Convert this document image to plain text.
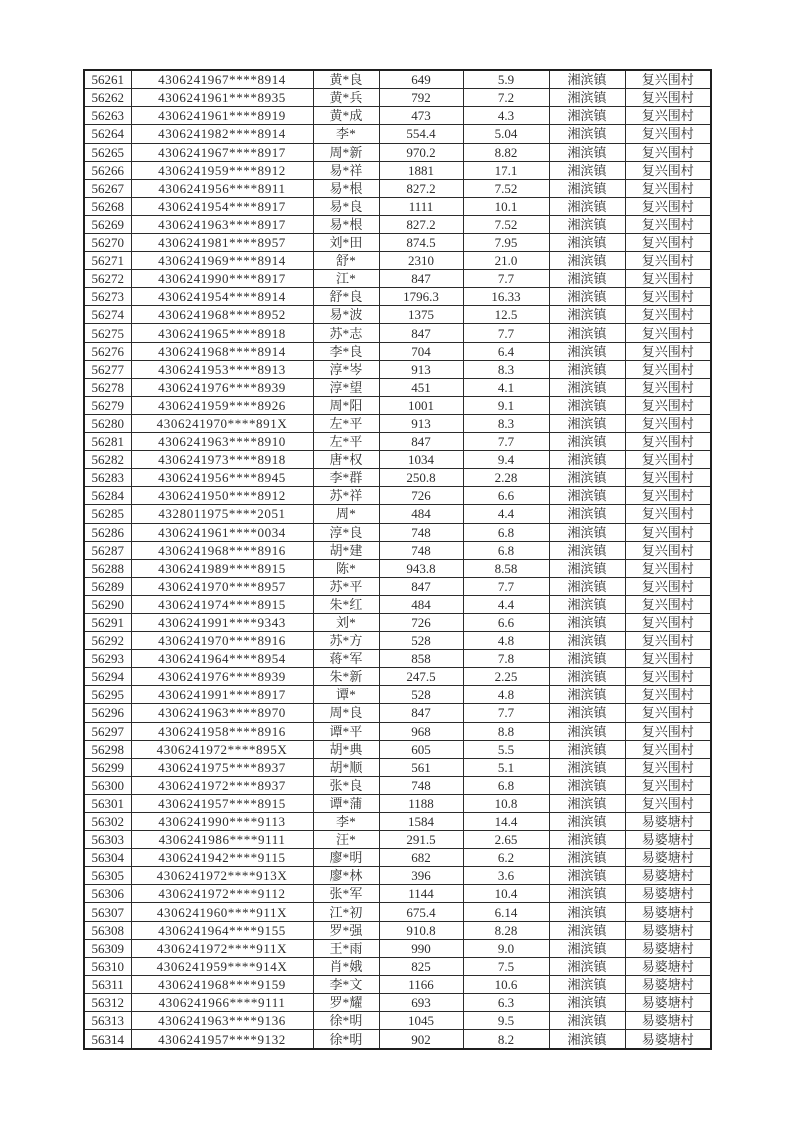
56261	4306241967****8914	黄*良	649	5.9	湘滨镇	复兴围村
56262	4306241961****8935	黄*兵	792	7.2	湘滨镇	复兴围村
56263	4306241961****8919	黄*成	473	4.3	湘滨镇	复兴围村
56264	4306241982****8914	李*	554.4	5.04	湘滨镇	复兴围村
56265	4306241967****8917	周*新	970.2	8.82	湘滨镇	复兴围村
56266	4306241959****8912	易*祥	1881	17.1	湘滨镇	复兴围村
56267	4306241956****8911	易*根	827.2	7.52	湘滨镇	复兴围村
56268	4306241954****8917	易*良	1111	10.1	湘滨镇	复兴围村
56269	4306241963****8917	易*根	827.2	7.52	湘滨镇	复兴围村
56270	4306241981****8957	刘*田	874.5	7.95	湘滨镇	复兴围村
56271	4306241969****8914	舒*	2310	21.0	湘滨镇	复兴围村
56272	4306241990****8917	江*	847	7.7	湘滨镇	复兴围村
56273	4306241954****8914	舒*良	1796.3	16.33	湘滨镇	复兴围村
56274	4306241968****8952	易*波	1375	12.5	湘滨镇	复兴围村
56275	4306241965****8918	苏*志	847	7.7	湘滨镇	复兴围村
56276	4306241968****8914	李*良	704	6.4	湘滨镇	复兴围村
56277	4306241953****8913	淳*岑	913	8.3	湘滨镇	复兴围村
56278	4306241976****8939	淳*望	451	4.1	湘滨镇	复兴围村
56279	4306241959****8926	周*阳	1001	9.1	湘滨镇	复兴围村
56280	4306241970****891X	左*平	913	8.3	湘滨镇	复兴围村
56281	4306241963****8910	左*平	847	7.7	湘滨镇	复兴围村
56282	4306241973****8918	唐*权	1034	9.4	湘滨镇	复兴围村
56283	4306241956****8945	李*群	250.8	2.28	湘滨镇	复兴围村
56284	4306241950****8912	苏*祥	726	6.6	湘滨镇	复兴围村
56285	4328011975****2051	周*	484	4.4	湘滨镇	复兴围村
56286	4306241961****0034	淳*良	748	6.8	湘滨镇	复兴围村
56287	4306241968****8916	胡*建	748	6.8	湘滨镇	复兴围村
56288	4306241989****8915	陈*	943.8	8.58	湘滨镇	复兴围村
56289	4306241970****8957	苏*平	847	7.7	湘滨镇	复兴围村
56290	4306241974****8915	朱*红	484	4.4	湘滨镇	复兴围村
56291	4306241991****9343	刘*	726	6.6	湘滨镇	复兴围村
56292	4306241970****8916	苏*方	528	4.8	湘滨镇	复兴围村
56293	4306241964****8954	蒋*军	858	7.8	湘滨镇	复兴围村
56294	4306241976****8939	朱*新	247.5	2.25	湘滨镇	复兴围村
56295	4306241991****8917	谭*	528	4.8	湘滨镇	复兴围村
56296	4306241963****8970	周*良	847	7.7	湘滨镇	复兴围村
56297	4306241958****8916	谭*平	968	8.8	湘滨镇	复兴围村
56298	4306241972****895X	胡*典	605	5.5	湘滨镇	复兴围村
56299	4306241975****8937	胡*顺	561	5.1	湘滨镇	复兴围村
56300	4306241972****8937	张*良	748	6.8	湘滨镇	复兴围村
56301	4306241957****8915	谭*蒲	1188	10.8	湘滨镇	复兴围村
56302	4306241990****9113	李*	1584	14.4	湘滨镇	易婆塘村
56303	4306241986****9111	汪*	291.5	2.65	湘滨镇	易婆塘村
56304	4306241942****9115	廖*明	682	6.2	湘滨镇	易婆塘村
56305	4306241972****913X	廖*林	396	3.6	湘滨镇	易婆塘村
56306	4306241972****9112	张*军	1144	10.4	湘滨镇	易婆塘村
56307	4306241960****911X	江*初	675.4	6.14	湘滨镇	易婆塘村
56308	4306241964****9155	罗*强	910.8	8.28	湘滨镇	易婆塘村
56309	4306241972****911X	王*雨	990	9.0	湘滨镇	易婆塘村
56310	4306241959****914X	肖*娥	825	7.5	湘滨镇	易婆塘村
56311	4306241968****9159	李*文	1166	10.6	湘滨镇	易婆塘村
56312	4306241966****9111	罗*耀	693	6.3	湘滨镇	易婆塘村
56313	4306241963****9136	徐*明	1045	9.5	湘滨镇	易婆塘村
56314	4306241957****9132	徐*明	902	8.2	湘滨镇	易婆塘村
